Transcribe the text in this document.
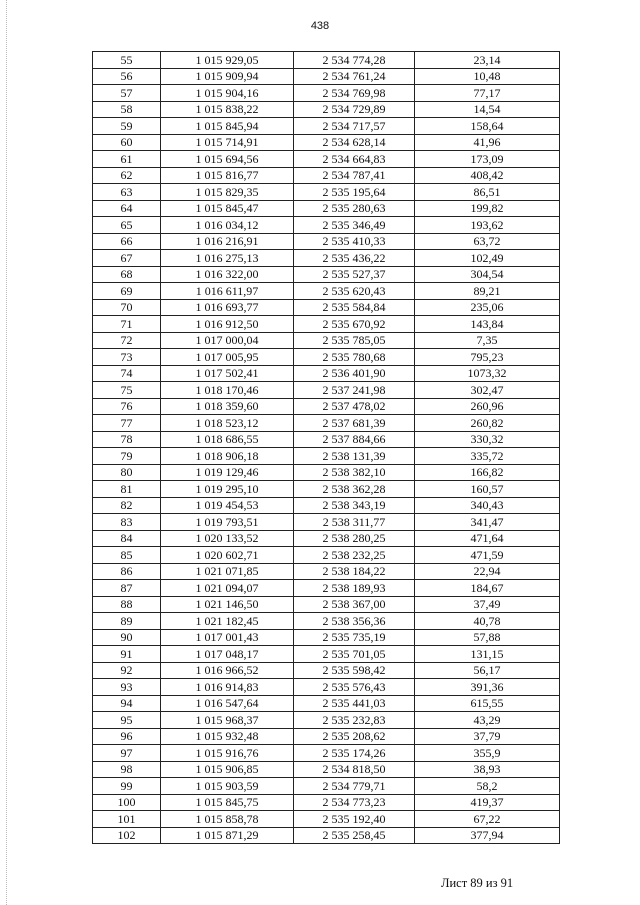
438
55	1 015 929,05	2 534 774,28	23,14
56	1 015 909,94	2 534 761,24	10,48
57	1 015 904,16	2 534 769,98	77,17
58	1 015 838,22	2 534 729,89	14,54
59	1 015 845,94	2 534 717,57	158,64
60	1 015 714,91	2 534 628,14	41,96
61	1 015 694,56	2 534 664,83	173,09
62	1 015 816,77	2 534 787,41	408,42
63	1 015 829,35	2 535 195,64	86,51
64	1 015 845,47	2 535 280,63	199,82
65	1 016 034,12	2 535 346,49	193,62
66	1 016 216,91	2 535 410,33	63,72
67	1 016 275,13	2 535 436,22	102,49
68	1 016 322,00	2 535 527,37	304,54
69	1 016 611,97	2 535 620,43	89,21
70	1 016 693,77	2 535 584,84	235,06
71	1 016 912,50	2 535 670,92	143,84
72	1 017 000,04	2 535 785,05	7,35
73	1 017 005,95	2 535 780,68	795,23
74	1 017 502,41	2 536 401,90	1073,32
75	1 018 170,46	2 537 241,98	302,47
76	1 018 359,60	2 537 478,02	260,96
77	1 018 523,12	2 537 681,39	260,82
78	1 018 686,55	2 537 884,66	330,32
79	1 018 906,18	2 538 131,39	335,72
80	1 019 129,46	2 538 382,10	166,82
81	1 019 295,10	2 538 362,28	160,57
82	1 019 454,53	2 538 343,19	340,43
83	1 019 793,51	2 538 311,77	341,47
84	1 020 133,52	2 538 280,25	471,64
85	1 020 602,71	2 538 232,25	471,59
86	1 021 071,85	2 538 184,22	22,94
87	1 021 094,07	2 538 189,93	184,67
88	1 021 146,50	2 538 367,00	37,49
89	1 021 182,45	2 538 356,36	40,78
90	1 017 001,43	2 535 735,19	57,88
91	1 017 048,17	2 535 701,05	131,15
92	1 016 966,52	2 535 598,42	56,17
93	1 016 914,83	2 535 576,43	391,36
94	1 016 547,64	2 535 441,03	615,55
95	1 015 968,37	2 535 232,83	43,29
96	1 015 932,48	2 535 208,62	37,79
97	1 015 916,76	2 535 174,26	355,9
98	1 015 906,85	2 534 818,50	38,93
99	1 015 903,59	2 534 779,71	58,2
100	1 015 845,75	2 534 773,23	419,37
101	1 015 858,78	2 535 192,40	67,22
102	1 015 871,29	2 535 258,45	377,94
Лист 89 из 91
